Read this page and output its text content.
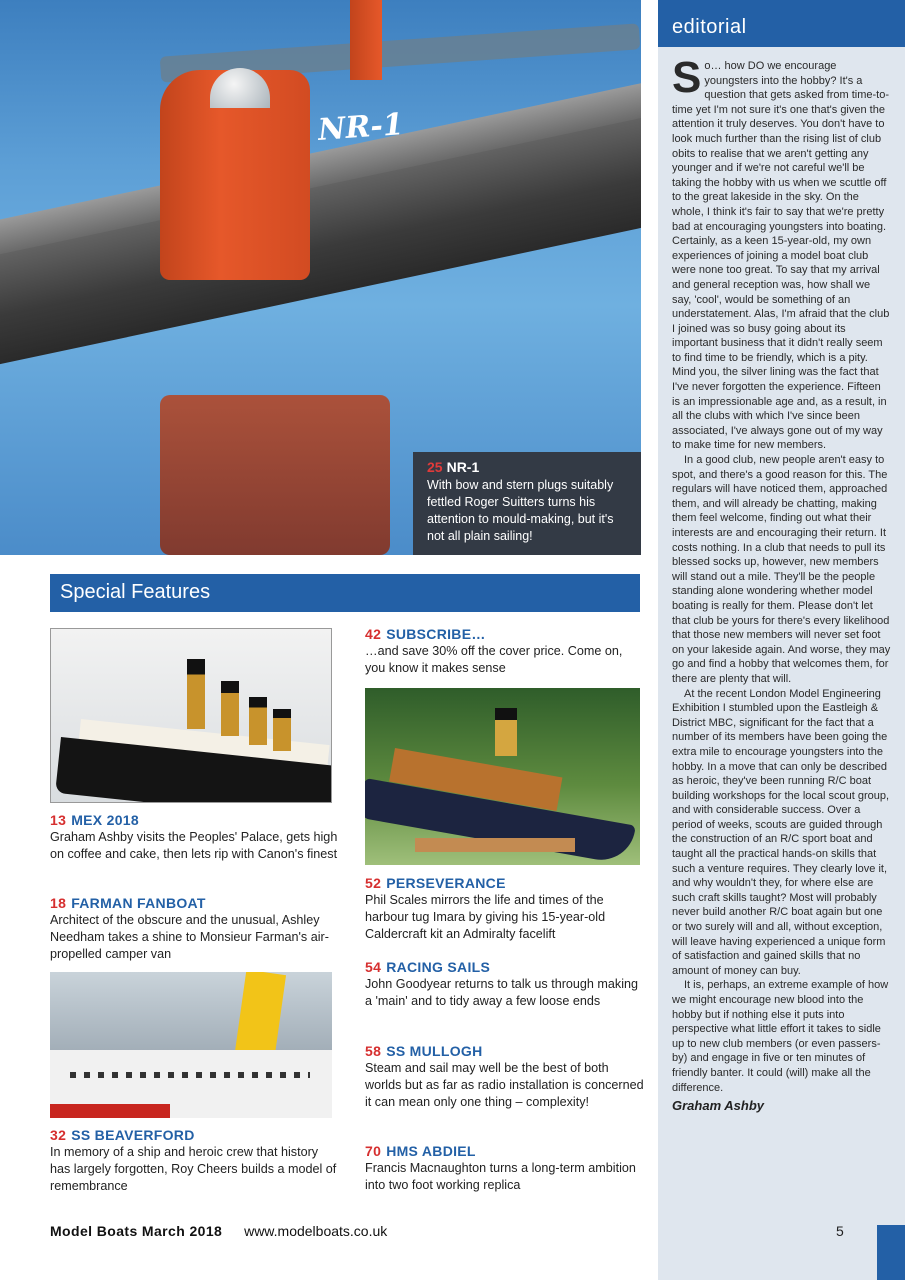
NR-1
25 NR-1

With bow and stern plugs suitably fettled Roger Suitters turns his attention to mould-making, but it's not all plain sailing!

editorial

So… how DO we encourage youngsters into the hobby? It's a question that gets asked from time-to-time yet I'm not sure it's one that's given the attention it truly deserves. You don't have to look much further than the rising list of club obits to realise that we aren't getting any younger and if we're not careful we'll be taking the hobby with us when we scuttle off to the great lakeside in the sky. On the whole, I think it's fair to say that we're pretty bad at encouraging youngsters into boating. Certainly, as a keen 15-year-old, my own experiences of joining a model boat club were none too great. To say that my arrival and general reception was, how shall we say, 'cool', would be something of an understatement. Alas, I'm afraid that the club I joined was so busy going about its important business that it didn't really seem to find time to be friendly, which is a pity. Mind you, the silver lining was the fact that I've never forgotten the experience. Fifteen is an impressionable age and, as a result, in all the clubs with which I've since been associated, I've always gone out of my way to make time for new members.

In a good club, new people aren't easy to spot, and there's a good reason for this. The regulars will have noticed them, approached them, and will already be chatting, making them feel welcome, finding out what their interests are and encouraging their return. It costs nothing. In a club that needs to pull its blessed socks up, however, new members will stand out a mile. They'll be the people standing alone wondering whether model boating is really for them. Please don't let that club be yours for there's every likelihood that those new members will never set foot on your lakeside again. And worse, they may go and find a hobby that welcomes them, for there are plenty that will.

At the recent London Model Engineering Exhibition I stumbled upon the Eastleigh & District MBC, significant for the fact that a number of its members have been going the extra mile to encourage youngsters into the hobby. In a move that can only be described as heroic, they've been running R/C boat building workshops for the local scout group, and with considerable success. Over a period of weeks, scouts are guided through the construction of an R/C sport boat and taught all the practical hands-on skills that such a venture requires. They clearly love it, and why wouldn't they, for where else are such craft skills taught? Most will probably never build another R/C boat again but one or two surely will and all, without exception, will leave having experienced a unique form of satisfaction and gained skills that no amount of money can buy.

It is, perhaps, an extreme example of how we might encourage new blood into the hobby but if nothing else it puts into perspective what little effort it takes to sidle up to new club members (or even passers-by) and engage in five or ten minutes of friendly banter. It could (will) make all the difference.

Graham Ashby
Special Features
13 MEX 2018

Graham Ashby visits the Peoples' Palace, gets high on coffee and cake, then lets rip with Canon's finest

18 FARMAN FANBOAT

Architect of the obscure and the unusual, Ashley Needham takes a shine to Monsieur Farman's air-propelled camper van

32 SS BEAVERFORD

In memory of a ship and heroic crew that history has largely forgotten, Roy Cheers builds a model of remembrance

42 SUBSCRIBE…

…and save 30% off the cover price. Come on, you know it makes sense

52 PERSEVERANCE

Phil Scales mirrors the life and times of the harbour tug Imara by giving his 15-year-old Caldercraft kit an Admiralty facelift

54 RACING SAILS

John Goodyear returns to talk us through making a 'main' and to tidy away a few loose ends

58 SS MULLOGH

Steam and sail may well be the best of both worlds but as far as radio installation is concerned it can mean only one thing – complexity!

70 HMS ABDIEL

Francis Macnaughton turns a long-term ambition into two foot working replica

Model Boats March 2018 www.modelboats.co.uk	5
